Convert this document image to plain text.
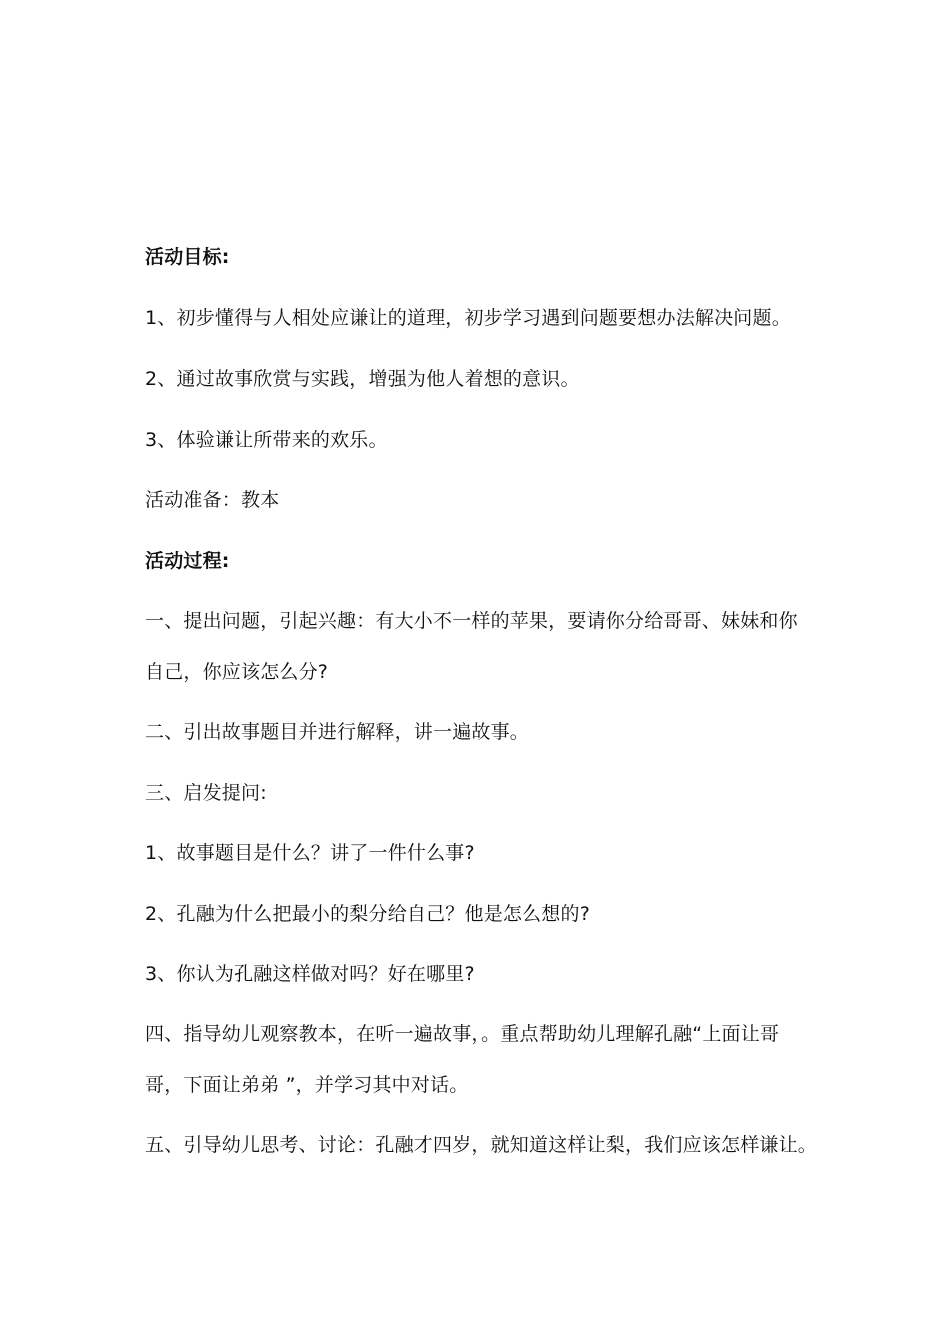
活动目标:
1、初步懂得与人相处应谦让的道理，初步学习遇到问题要想办法解决问题。
2、通过故事欣赏与实践，增强为他人着想的意识。
3、体验谦让所带来的欢乐。
活动准备：教本
活动过程:
一、提出问题，引起兴趣：有大小不一样的苹果，要请你分给哥哥、妹妹和你
自己，你应该怎么分?
二、引出故事题目并进行解释，讲一遍故事。
三、启发提问:
1、故事题目是什么？讲了一件什么事?
2、孔融为什么把最小的梨分给自己？他是怎么想的?
3、你认为孔融这样做对吗？好在哪里?
四、指导幼儿观察教本，在听一遍故事，。重点帮助幼儿理解孔融“上面让哥
哥，下面让弟弟 ”，并学习其中对话。
五、引导幼儿思考、讨论：孔融才四岁，就知道这样让梨，我们应该怎样谦让。
